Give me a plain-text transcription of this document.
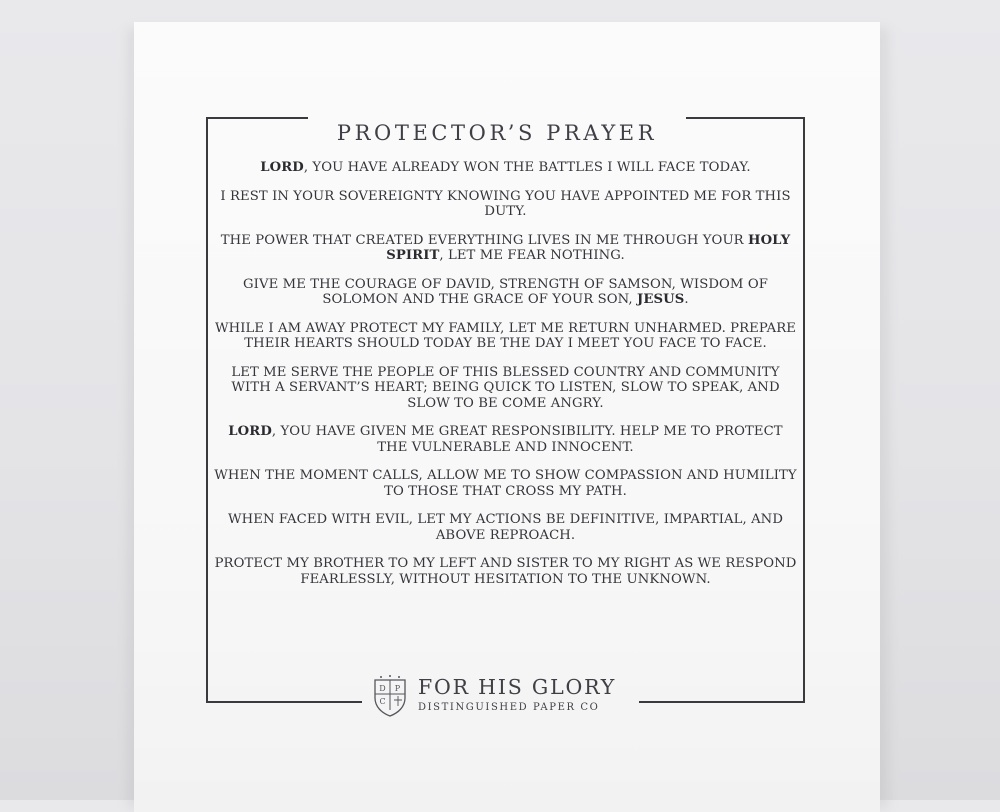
PROTECTOR’S PRAYER

LORD, YOU HAVE ALREADY WON THE BATTLES I WILL FACE TODAY.

I REST IN YOUR SOVEREIGNTY KNOWING YOU HAVE APPOINTED ME FOR THIS DUTY.

THE POWER THAT CREATED EVERYTHING LIVES IN ME THROUGH YOUR HOLY SPIRIT, LET ME FEAR NOTHING.

GIVE ME THE COURAGE OF DAVID, STRENGTH OF SAMSON, WISDOM OF SOLOMON AND THE GRACE OF YOUR SON, JESUS.

WHILE I AM AWAY PROTECT MY FAMILY, LET ME RETURN UNHARMED. PREPARE THEIR HEARTS SHOULD TODAY BE THE DAY I MEET YOU FACE TO FACE.

LET ME SERVE THE PEOPLE OF THIS BLESSED COUNTRY AND COMMUNITY WITH A SERVANT’S HEART; BEING QUICK TO LISTEN, SLOW TO SPEAK, AND SLOW TO BE COME ANGRY.

LORD, YOU HAVE GIVEN ME GREAT RESPONSIBILITY. HELP ME TO PROTECT THE VULNERABLE AND INNOCENT.

WHEN THE MOMENT CALLS, ALLOW ME TO SHOW COMPASSION AND HUMILITY TO THOSE THAT CROSS MY PATH.

WHEN FACED WITH EVIL, LET MY ACTIONS BE DEFINITIVE, IMPARTIAL, AND ABOVE REPROACH.

PROTECT MY BROTHER TO MY LEFT AND SISTER TO MY RIGHT AS WE RESPOND FEARLESSLY, WITHOUT HESITATION TO THE UNKNOWN.

D P
C
FOR HIS GLORY
DISTINGUISHED PAPER CO
